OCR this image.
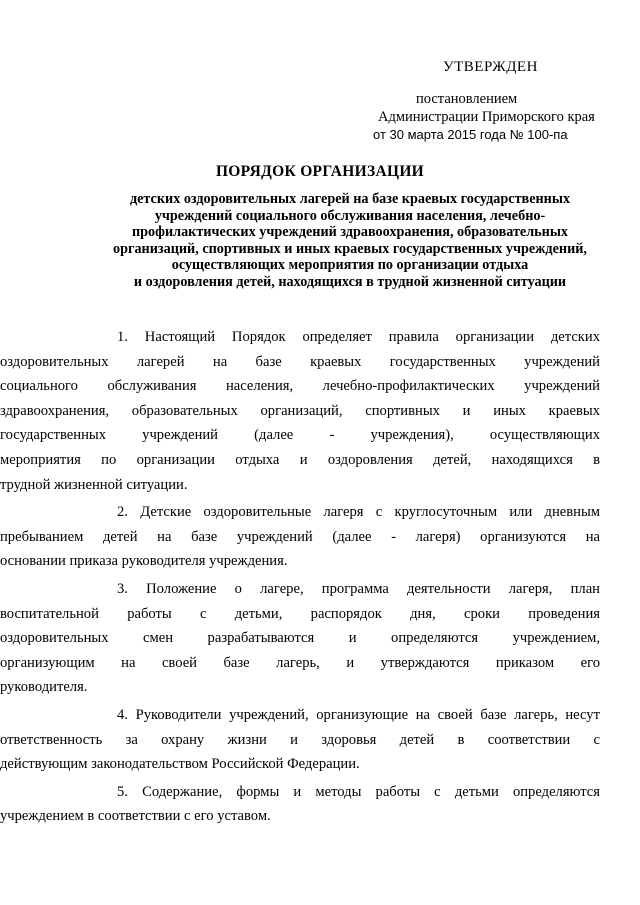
УТВЕРЖДЕН
постановлением
Администрации Приморского края
от 30 марта 2015 года № 100-па
ПОРЯДОК ОРГАНИЗАЦИИ
детских оздоровительных лагерей на базе краевых государственных
учреждений социального обслуживания населения, лечебно-
профилактических учреждений здравоохранения, образовательных
организаций, спортивных и иных краевых государственных учреждений,
осуществляющих мероприятия по организации отдыха
и оздоровления детей, находящихся в трудной жизненной ситуации
1. Настоящий Порядок определяет правила организации детских
оздоровительных лагерей на базе краевых государственных учреждений
социального обслуживания населения, лечебно-профилактических учреждений
здравоохранения, образовательных организаций, спортивных и иных краевых
государственных учреждений (далее - учреждения), осуществляющих
мероприятия по организации отдыха и оздоровления детей, находящихся в
трудной жизненной ситуации.
2. Детские оздоровительные лагеря с круглосуточным или дневным
пребыванием детей на базе учреждений (далее - лагеря) организуются на
основании приказа руководителя учреждения.
3. Положение о лагере, программа деятельности лагеря, план
воспитательной работы с детьми, распорядок дня, сроки проведения
оздоровительных смен разрабатываются и определяются учреждением,
организующим на своей базе лагерь, и утверждаются приказом его
руководителя.
4. Руководители учреждений, организующие на своей базе лагерь, несут
ответственность за охрану жизни и здоровья детей в соответствии с
действующим законодательством Российской Федерации.
5. Содержание, формы и методы работы с детьми определяются
учреждением в соответствии с его уставом.
